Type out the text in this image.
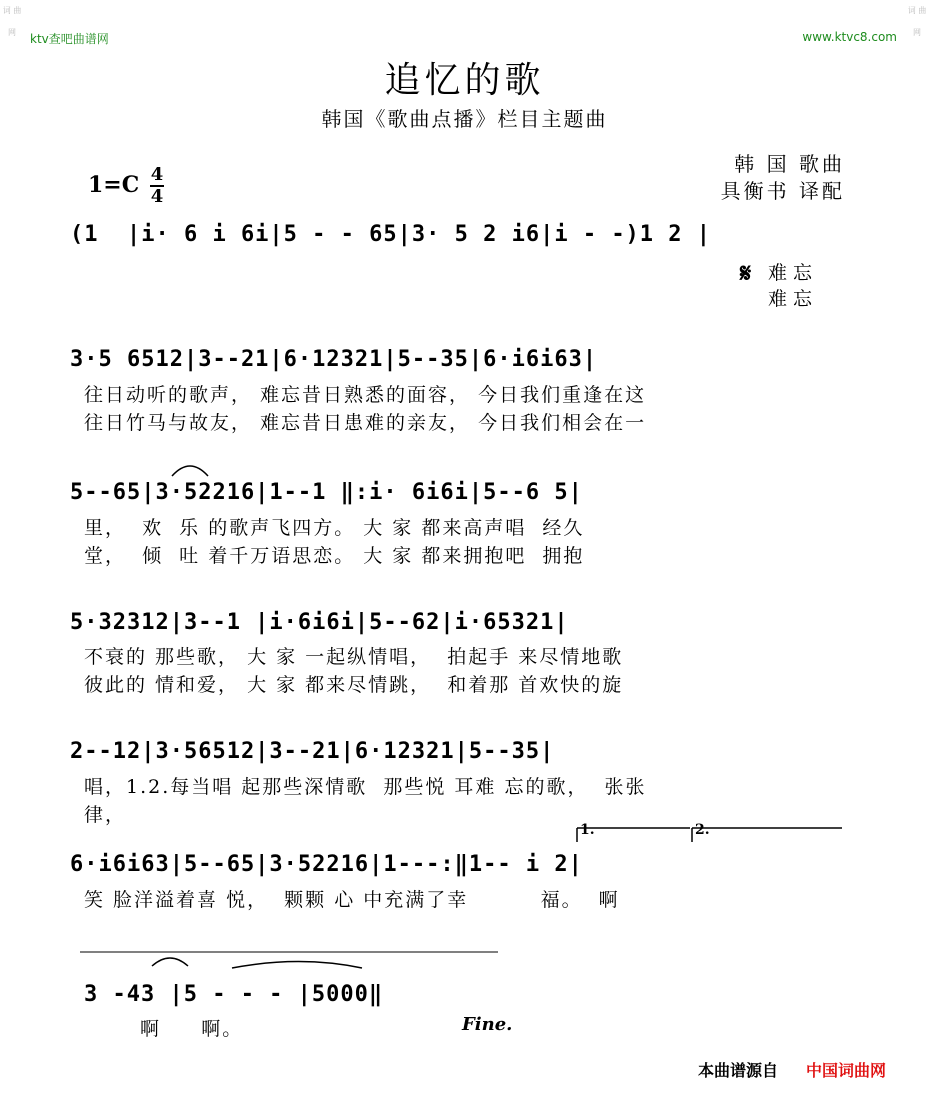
词 曲 网
词 曲 网
ktv查吧曲谱网	www.ktvc8.com
追忆的歌
韩国《歌曲点播》栏目主题曲
韩 国 歌曲
具衡书 译配
1=C 4
4
(1  |i· 6 i 6i|5 - - 65|3· 5 2 i6|i - -)1 2 |
𝄋 难 忘
难 忘
3·5 6512|3--21|6·12321|5--35|6·i6i63|
往日动听的歌声， 难忘昔日熟悉的面容， 今日我们重逢在这
往日竹马与故友， 难忘昔日患难的亲友， 今日我们相会在一
5--65|3·52216|1--1 ‖:i· 6i6i|5--6 5|
里，  欢  乐 的歌声飞四方。 大 家 都来高声唱  经久
堂，  倾  吐 着千万语思恋。 大 家 都来拥抱吧  拥抱
5·32312|3--1 |i·6i6i|5--62|i·65321|
不衰的 那些歌， 大 家 一起纵情唱，  拍起手 来尽情地歌
彼此的 情和爱， 大 家 都来尽情跳，  和着那 首欢快的旋
2--12|3·56512|3--21|6·12321|5--35|
唱，1.2.每当唱 起那些深情歌  那些悦 耳难 忘的歌，  张张
律，
1.	2.
6·i6i63|5--65|3·52216|1---:‖1-- i 2|
笑 脸洋溢着喜 悦，  颗颗 心 中充满了幸         福。  啊
3 -43 |5 - - - |5000‖
啊     啊。	Fine.
本曲谱源自 中国词曲网
